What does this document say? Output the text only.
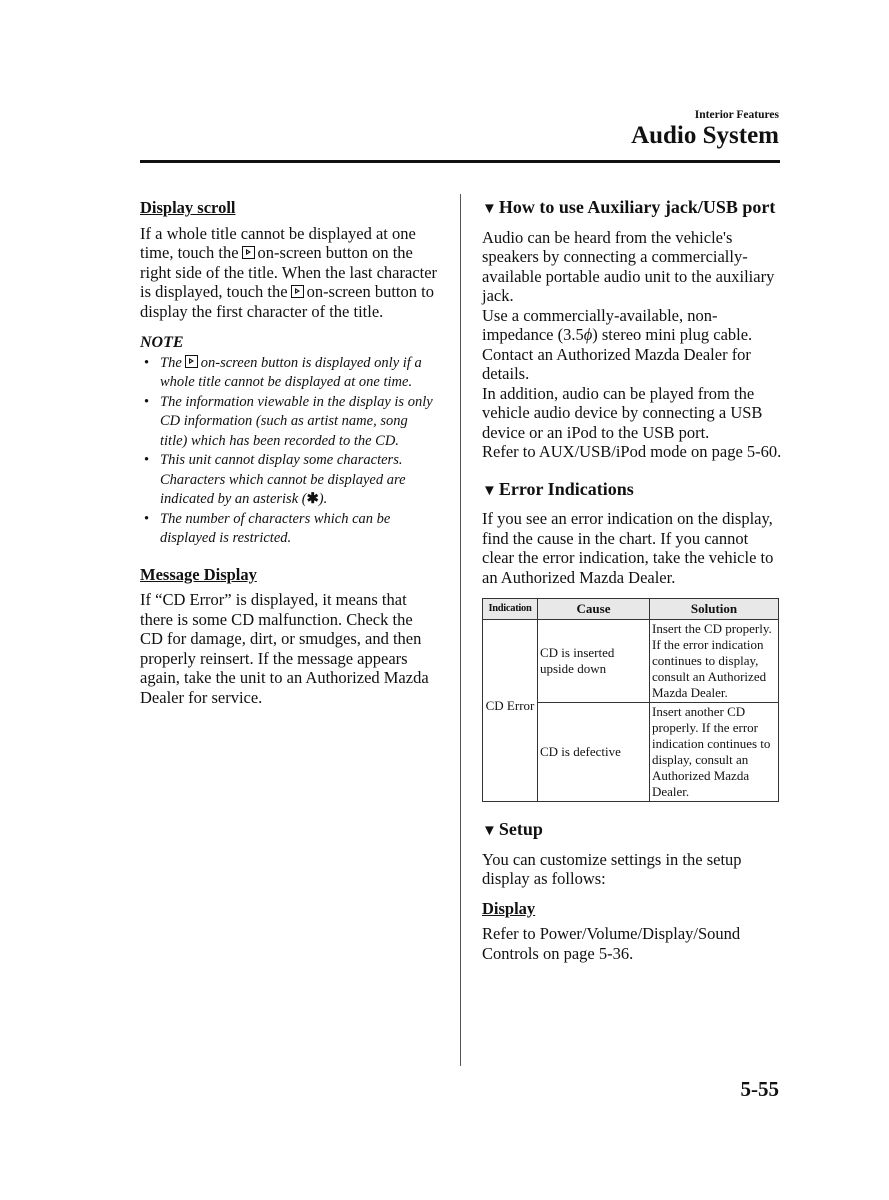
Interior Features
Audio System
Display scroll

If a whole title cannot be displayed at one time, touch the on-screen button on the right side of the title. When the last character is displayed, touch the on-screen button to display the first character of the title.

NOTE
• The on-screen button is displayed only if a whole title cannot be displayed at one time.
• The information viewable in the display is only CD information (such as artist name, song title) which has been recorded to the CD.
• This unit cannot display some characters. Characters which cannot be displayed are indicated by an asterisk (✱).
• The number of characters which can be displayed is restricted.
Message Display

If “CD Error” is displayed, it means that there is some CD malfunction. Check the CD for damage, dirt, or smudges, and then properly reinsert. If the message appears again, take the unit to an Authorized Mazda Dealer for service.

▼ How to use Auxiliary jack/USB port

Audio can be heard from the vehicle's speakers by connecting a commercially-available portable audio unit to the auxiliary jack.

Use a commercially-available, non-impedance (3.5ϕ) stereo mini plug cable. Contact an Authorized Mazda Dealer for details.

In addition, audio can be played from the vehicle audio device by connecting a USB device or an iPod to the USB port.

Refer to AUX/USB/iPod mode on page 5-60.

▼ Error Indications

If you see an error indication on the display, find the cause in the chart. If you cannot clear the error indication, take the vehicle to an Authorized Mazda Dealer.

Indication	Cause	Solution
CD Error	CD is inserted upside down	Insert the CD properly. If the error indication continues to display, consult an Authorized Mazda Dealer.
	CD is defective	Insert another CD properly. If the error indication continues to display, consult an Authorized Mazda Dealer.
▼ Setup

You can customize settings in the setup display as follows:

Display

Refer to Power/Volume/Display/Sound Controls on page 5-36.

5-55
